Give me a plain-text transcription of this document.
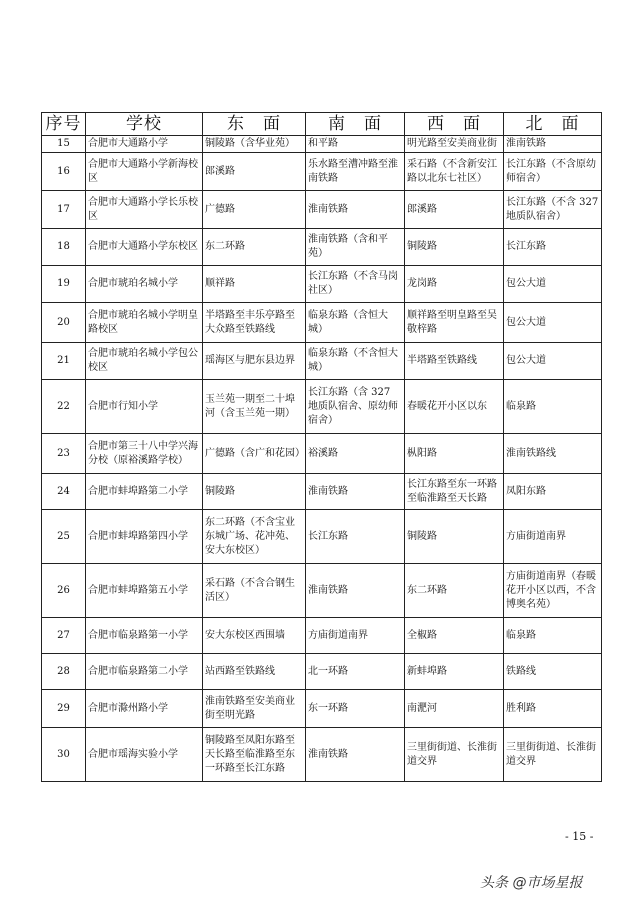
序号	学校	东　面	南　面	西　面	北　面
15	合肥市大通路小学	铜陵路（含华业苑）	和平路	明光路至安美商业街	淮南铁路
16	合肥市大通路小学新海校区	郎溪路	乐水路至漕冲路至淮南铁路	采石路（不含新安江路以北东七社区）	长江东路（不含原幼师宿舍）
17	合肥市大通路小学长乐校区	广德路	淮南铁路	郎溪路	长江东路（不含 327 地质队宿舍）
18	合肥市大通路小学东校区	东二环路	淮南铁路（含和平苑）	铜陵路	长江东路
19	合肥市琥珀名城小学	顺祥路	长江东路（不含马岗社区）	龙岗路	包公大道
20	合肥市琥珀名城小学明皇路校区	半塔路至丰乐亭路至大众路至铁路线	临泉东路（含恒大城）	顺祥路至明皇路至吴敬梓路	包公大道
21	合肥市琥珀名城小学包公校区	瑶海区与肥东县边界	临泉东路（不含恒大城）	半塔路至铁路线	包公大道
22	合肥市行知小学	玉兰苑一期至二十埠河（含玉兰苑一期）	长江东路（含 327 地质队宿舍、原幼师宿舍）	春暖花开小区以东	临泉路
23	合肥市第三十八中学兴海分校（原裕溪路学校）	广德路（含广和花园）	裕溪路	枞阳路	淮南铁路线
24	合肥市蚌埠路第二小学	铜陵路	淮南铁路	长江东路至东一环路至临淮路至天长路	凤阳东路
25	合肥市蚌埠路第四小学	东二环路（不含宝业东城广场、花冲苑、安大东校区）	长江东路	铜陵路	方庙街道南界
26	合肥市蚌埠路第五小学	采石路（不含合钢生活区）	淮南铁路	东二环路	方庙街道南界（春暖花开小区以西，不含博奥名苑）
27	合肥市临泉路第一小学	安大东校区西围墙	方庙街道南界	全椒路	临泉路
28	合肥市临泉路第二小学	站西路至铁路线	北一环路	新蚌埠路	铁路线
29	合肥市滁州路小学	淮南铁路至安美商业街至明光路	东一环路	南淝河	胜利路
30	合肥市瑶海实验小学	铜陵路至凤阳东路至天长路至临淮路至东一环路至长江东路	淮南铁路	三里街街道、长淮街道交界	三里街街道、长淮街道交界
- 15 -
头条 @市场星报
